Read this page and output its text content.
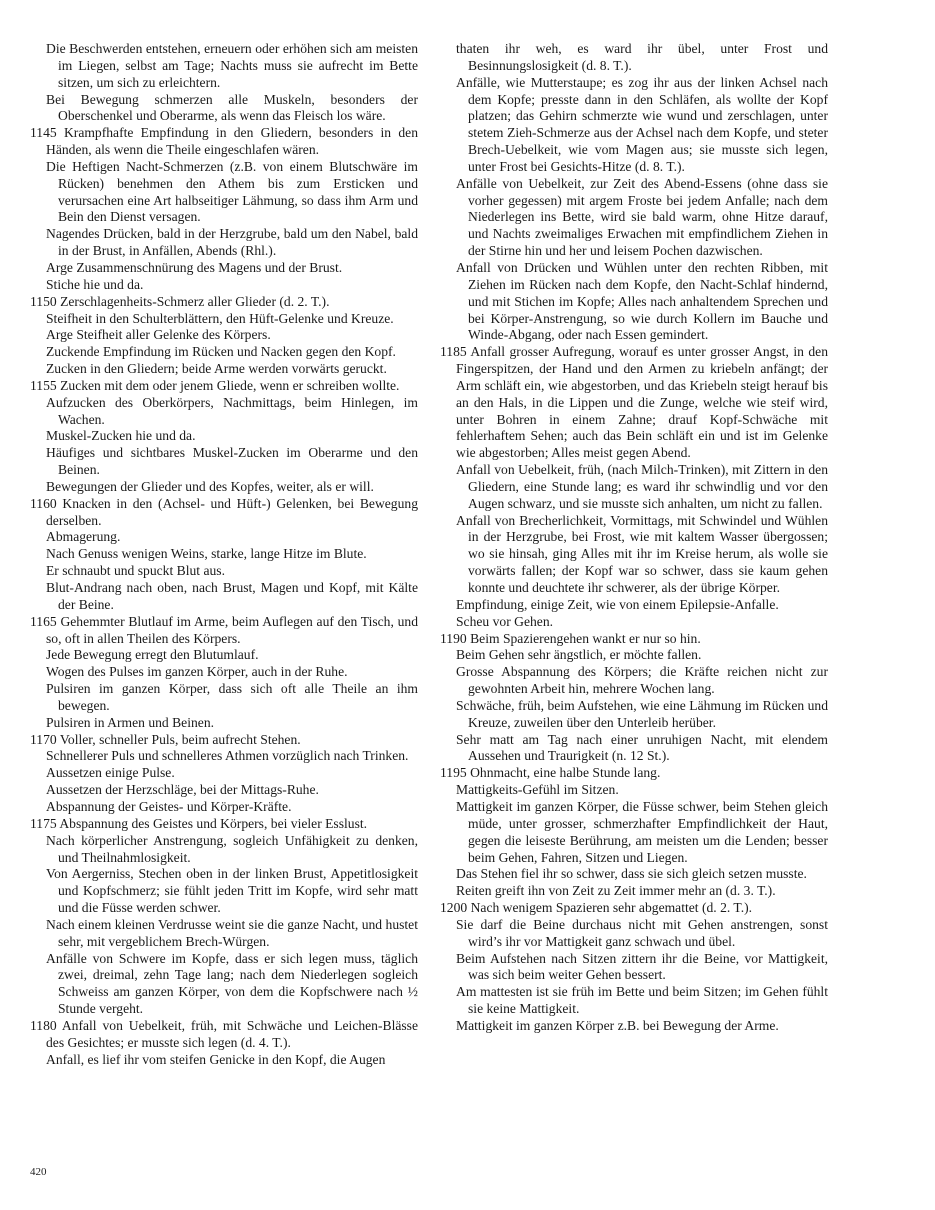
Die Beschwerden entstehen, erneuern oder erhöhen sich am meisten im Liegen, selbst am Tage; Nachts muss sie aufrecht im Bette sitzen, um sich zu erleichtern.

Bei Bewegung schmerzen alle Muskeln, besonders der Oberschenkel und Oberarme, als wenn das Fleisch los wäre.

1145 Krampfhafte Empfindung in den Gliedern, besonders in den Händen, als wenn die Theile eingeschlafen wären.

Die Heftigen Nacht-Schmerzen (z.B. von einem Blutschwäre im Rücken) benehmen den Athem bis zum Ersticken und verursachen eine Art halbseitiger Lähmung, so dass ihm Arm und Bein den Dienst versagen.

Nagendes Drücken, bald in der Herzgrube, bald um den Nabel, bald in der Brust, in Anfällen, Abends (Rhl.).

Arge Zusammenschnürung des Magens und der Brust.

Stiche hie und da.

1150 Zerschlagenheits-Schmerz aller Glieder (d. 2. T.).

Steifheit in den Schulterblättern, den Hüft-Gelenke und Kreuze.

Arge Steifheit aller Gelenke des Körpers.

Zuckende Empfindung im Rücken und Nacken gegen den Kopf.

Zucken in den Gliedern; beide Arme werden vorwärts geruckt.

1155 Zucken mit dem oder jenem Gliede, wenn er schreiben wollte.

Aufzucken des Oberkörpers, Nachmittags, beim Hinlegen, im Wachen.

Muskel-Zucken hie und da.

Häufiges und sichtbares Muskel-Zucken im Oberarme und den Beinen.

Bewegungen der Glieder und des Kopfes, weiter, als er will.

1160 Knacken in den (Achsel- und Hüft-) Gelenken, bei Bewegung derselben.

Abmagerung.

Nach Genuss wenigen Weins, starke, lange Hitze im Blute.

Er schnaubt und spuckt Blut aus.

Blut-Andrang nach oben, nach Brust, Magen und Kopf, mit Kälte der Beine.

1165 Gehemmter Blutlauf im Arme, beim Auflegen auf den Tisch, und so, oft in allen Theilen des Körpers.

Jede Bewegung erregt den Blutumlauf.

Wogen des Pulses im ganzen Körper, auch in der Ruhe.

Pulsiren im ganzen Körper, dass sich oft alle Theile an ihm bewegen.

Pulsiren in Armen und Beinen.

1170 Voller, schneller Puls, beim aufrecht Stehen.

Schnellerer Puls und schnelleres Athmen vorzüglich nach Trinken.

Aussetzen einige Pulse.

Aussetzen der Herzschläge, bei der Mittags-Ruhe.

Abspannung der Geistes- und Körper-Kräfte.

1175 Abspannung des Geistes und Körpers, bei vieler Esslust.

Nach körperlicher Anstrengung, sogleich Unfähigkeit zu denken, und Theilnahmlosigkeit.

Von Aergerniss, Stechen oben in der linken Brust, Appetitlosigkeit und Kopfschmerz; sie fühlt jeden Tritt im Kopfe, wird sehr matt und die Füsse werden schwer.

Nach einem kleinen Verdrusse weint sie die ganze Nacht, und hustet sehr, mit vergeblichem Brech-Würgen.

Anfälle von Schwere im Kopfe, dass er sich legen muss, täglich zwei, dreimal, zehn Tage lang; nach dem Niederlegen sogleich Schweiss am ganzen Körper, von dem die Kopfschwere nach ½ Stunde vergeht.

1180 Anfall von Uebelkeit, früh, mit Schwäche und Leichen-Blässe des Gesichtes; er musste sich legen (d. 4. T.).

Anfall, es lief ihr vom steifen Genicke in den Kopf, die Augen

thaten ihr weh, es ward ihr übel, unter Frost und Besinnungslosigkeit (d. 8. T.).

Anfälle, wie Mutterstaupe; es zog ihr aus der linken Achsel nach dem Kopfe; presste dann in den Schläfen, als wollte der Kopf platzen; das Gehirn schmerzte wie wund und zerschlagen, unter stetem Zieh-Schmerze aus der Achsel nach dem Kopfe, und steter Brech-Uebelkeit, wie vom Magen aus; sie musste sich legen, unter Frost bei Gesichts-Hitze (d. 8. T.).

Anfälle von Uebelkeit, zur Zeit des Abend-Essens (ohne dass sie vorher gegessen) mit argem Froste bei jedem Anfalle; nach dem Niederlegen ins Bette, wird sie bald warm, ohne Hitze darauf, und Nachts zweimaliges Erwachen mit empfindlichem Ziehen in der Stirne hin und her und leisem Pochen dazwischen.

Anfall von Drücken und Wühlen unter den rechten Ribben, mit Ziehen im Rücken nach dem Kopfe, den Nacht-Schlaf hindernd, und mit Stichen im Kopfe; Alles nach anhaltendem Sprechen und bei Körper-Anstrengung, so wie durch Kollern im Bauche und Winde-Abgang, oder nach Essen gemindert.

1185 Anfall grosser Aufregung, worauf es unter grosser Angst, in den Fingerspitzen, der Hand und den Armen zu kriebeln anfängt; der Arm schläft ein, wie abgestorben, und das Kriebeln steigt herauf bis an den Hals, in die Lippen und die Zunge, welche wie steif wird, unter Bohren in einem Zahne; drauf Kopf-Schwäche mit fehlerhaftem Sehen; auch das Bein schläft ein und ist im Gelenke wie abgestorben; Alles meist gegen Abend.

Anfall von Uebelkeit, früh, (nach Milch-Trinken), mit Zittern in den Gliedern, eine Stunde lang; es ward ihr schwindlig und vor den Augen schwarz, und sie musste sich anhalten, um nicht zu fallen.

Anfall von Brecherlichkeit, Vormittags, mit Schwindel und Wühlen in der Herzgrube, bei Frost, wie mit kaltem Wasser übergossen; wo sie hinsah, ging Alles mit ihr im Kreise herum, als wolle sie vorwärts fallen; der Kopf war so schwer, dass sie kaum gehen konnte und deuchtete ihr schwerer, als der übrige Körper.

Empfindung, einige Zeit, wie von einem Epilepsie-Anfalle.

Scheu vor Gehen.

1190 Beim Spazierengehen wankt er nur so hin.

Beim Gehen sehr ängstlich, er möchte fallen.

Grosse Abspannung des Körpers; die Kräfte reichen nicht zur gewohnten Arbeit hin, mehrere Wochen lang.

Schwäche, früh, beim Aufstehen, wie eine Lähmung im Rücken und Kreuze, zuweilen über den Unterleib herüber.

Sehr matt am Tag nach einer unruhigen Nacht, mit elendem Aussehen und Traurigkeit (n. 12 St.).

1195 Ohnmacht, eine halbe Stunde lang.

Mattigkeits-Gefühl im Sitzen.

Mattigkeit im ganzen Körper, die Füsse schwer, beim Stehen gleich müde, unter grosser, schmerzhafter Empfindlichkeit der Haut, gegen die leiseste Berührung, am meisten um die Lenden; besser beim Gehen, Fahren, Sitzen und Liegen.

Das Stehen fiel ihr so schwer, dass sie sich gleich setzen musste.

Reiten greift ihn von Zeit zu Zeit immer mehr an (d. 3. T.).

1200 Nach wenigem Spazieren sehr abgemattet (d. 2. T.).

Sie darf die Beine durchaus nicht mit Gehen anstrengen, sonst wird’s ihr vor Mattigkeit ganz schwach und übel.

Beim Aufstehen nach Sitzen zittern ihr die Beine, vor Mattigkeit, was sich beim weiter Gehen bessert.

Am mattesten ist sie früh im Bette und beim Sitzen; im Gehen fühlt sie keine Mattigkeit.

Mattigkeit im ganzen Körper z.B. bei Bewegung der Arme.

420
